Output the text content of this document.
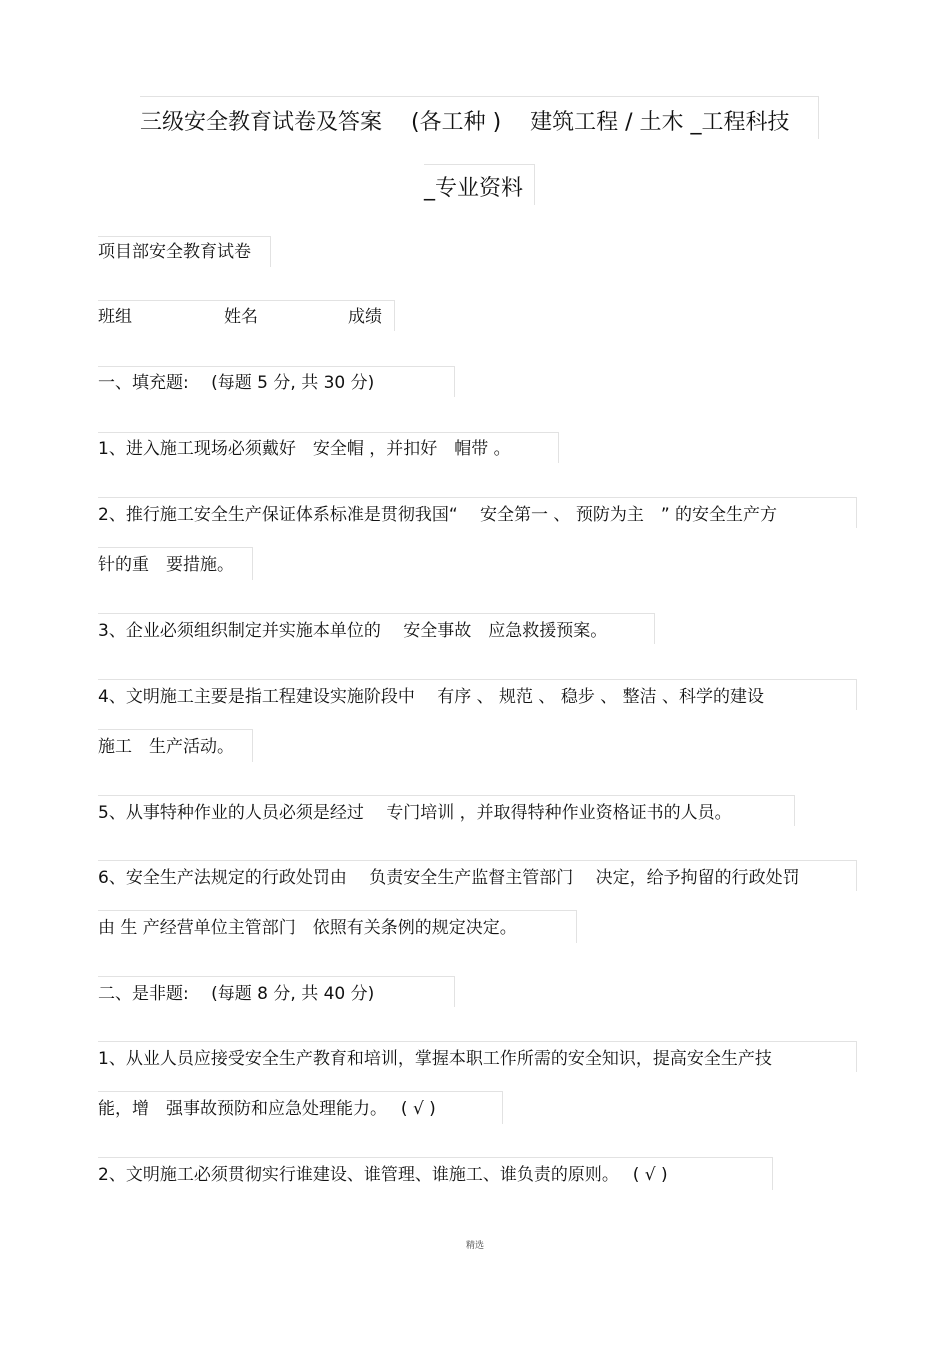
三级安全教育试卷及答案　 (各工种 )　 建筑工程 / 土木 _工程科技
_专业资料
项目部安全教育试卷
班组	姓名	成绩
一、填充题:　 (每题 5 分, 共 30 分)
1、进入施工现场必须戴好　安全帽 ，并扣好　帽带 。
2、推行施工安全生产保证体系标准是贯彻我国“　 安全第一 、 预防为主　” 的安全生产方
针的重　要措施。
3、企业必须组织制定并实施本单位的　 安全事故　应急救援预案。
4、文明施工主要是指工程建设实施阶段中　 有序 、 规范 、 稳步 、 整洁 、科学的建设
施工　生产活动。
5、从事特种作业的人员必须是经过　 专门培训 ，并取得特种作业资格证书的人员。
6、安全生产法规定的行政处罚由　 负责安全生产监督主管部门　 决定，给予拘留的行政处罚
由 生 产经营单位主管部门　依照有关条例的规定决定。
二、是非题:　 (每题 8 分, 共 40 分)
1、从业人员应接受安全生产教育和培训，掌握本职工作所需的安全知识，提高安全生产技
能，增　强事故预防和应急处理能力。　 ( √ )
2、文明施工必须贯彻实行谁建设、谁管理、谁施工、谁负责的原则。　 ( √ )
精选
